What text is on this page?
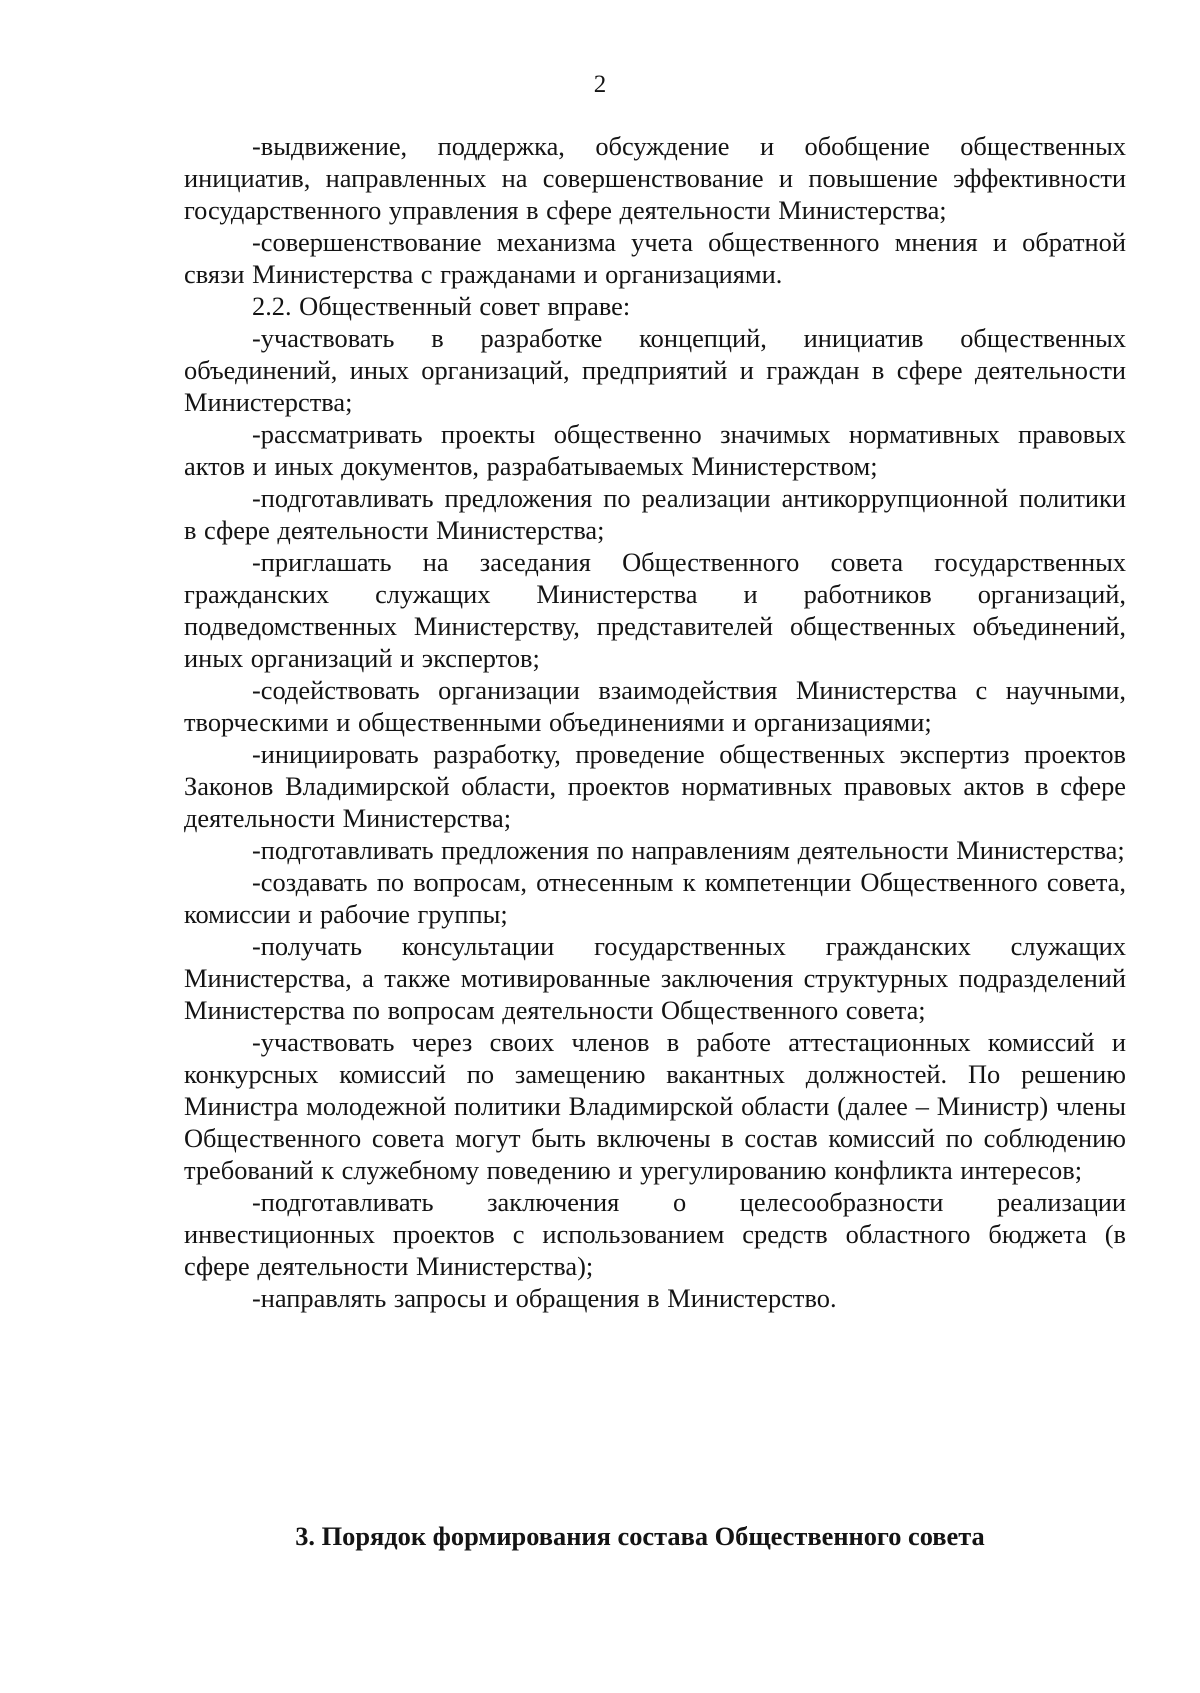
2

-выдвижение, поддержка, обсуждение и обобщение общественных инициатив, направленных на совершенствование и повышение эффективности государственного управления в сфере деятельности Министерства;

-совершенствование механизма учета общественного мнения и обратной связи Министерства с гражданами и организациями.

2.2. Общественный совет вправе:

-участвовать в разработке концепций, инициатив общественных объединений, иных организаций, предприятий и граждан в сфере деятельности Министерства;

-рассматривать проекты общественно значимых нормативных правовых актов и иных документов, разрабатываемых Министерством;

-подготавливать предложения по реализации антикоррупционной политики в сфере деятельности Министерства;

-приглашать на заседания Общественного совета государственных гражданских служащих Министерства и работников организаций, подведомственных Министерству, представителей общественных объединений, иных организаций и экспертов;

-содействовать организации взаимодействия Министерства с научными, творческими и общественными объединениями и организациями;

-инициировать разработку, проведение общественных экспертиз проектов Законов Владимирской области, проектов нормативных правовых актов в сфере деятельности Министерства;

-подготавливать предложения по направлениям деятельности Министерства;

-создавать по вопросам, отнесенным к компетенции Общественного совета, комиссии и рабочие группы;

-получать консультации государственных гражданских служащих Министерства, а также мотивированные заключения структурных подразделений Министерства по вопросам деятельности Общественного совета;

-участвовать через своих членов в работе аттестационных комиссий и конкурсных комиссий по замещению вакантных должностей. По решению Министра молодежной политики Владимирской области (далее – Министр) члены Общественного совета могут быть включены в состав комиссий по соблюдению требований к служебному поведению и урегулированию конфликта интересов;

-подготавливать заключения о целесообразности реализации инвестиционных проектов с использованием средств областного бюджета (в сфере деятельности Министерства);

-направлять запросы и обращения в Министерство.

3. Порядок формирования состава Общественного совета
